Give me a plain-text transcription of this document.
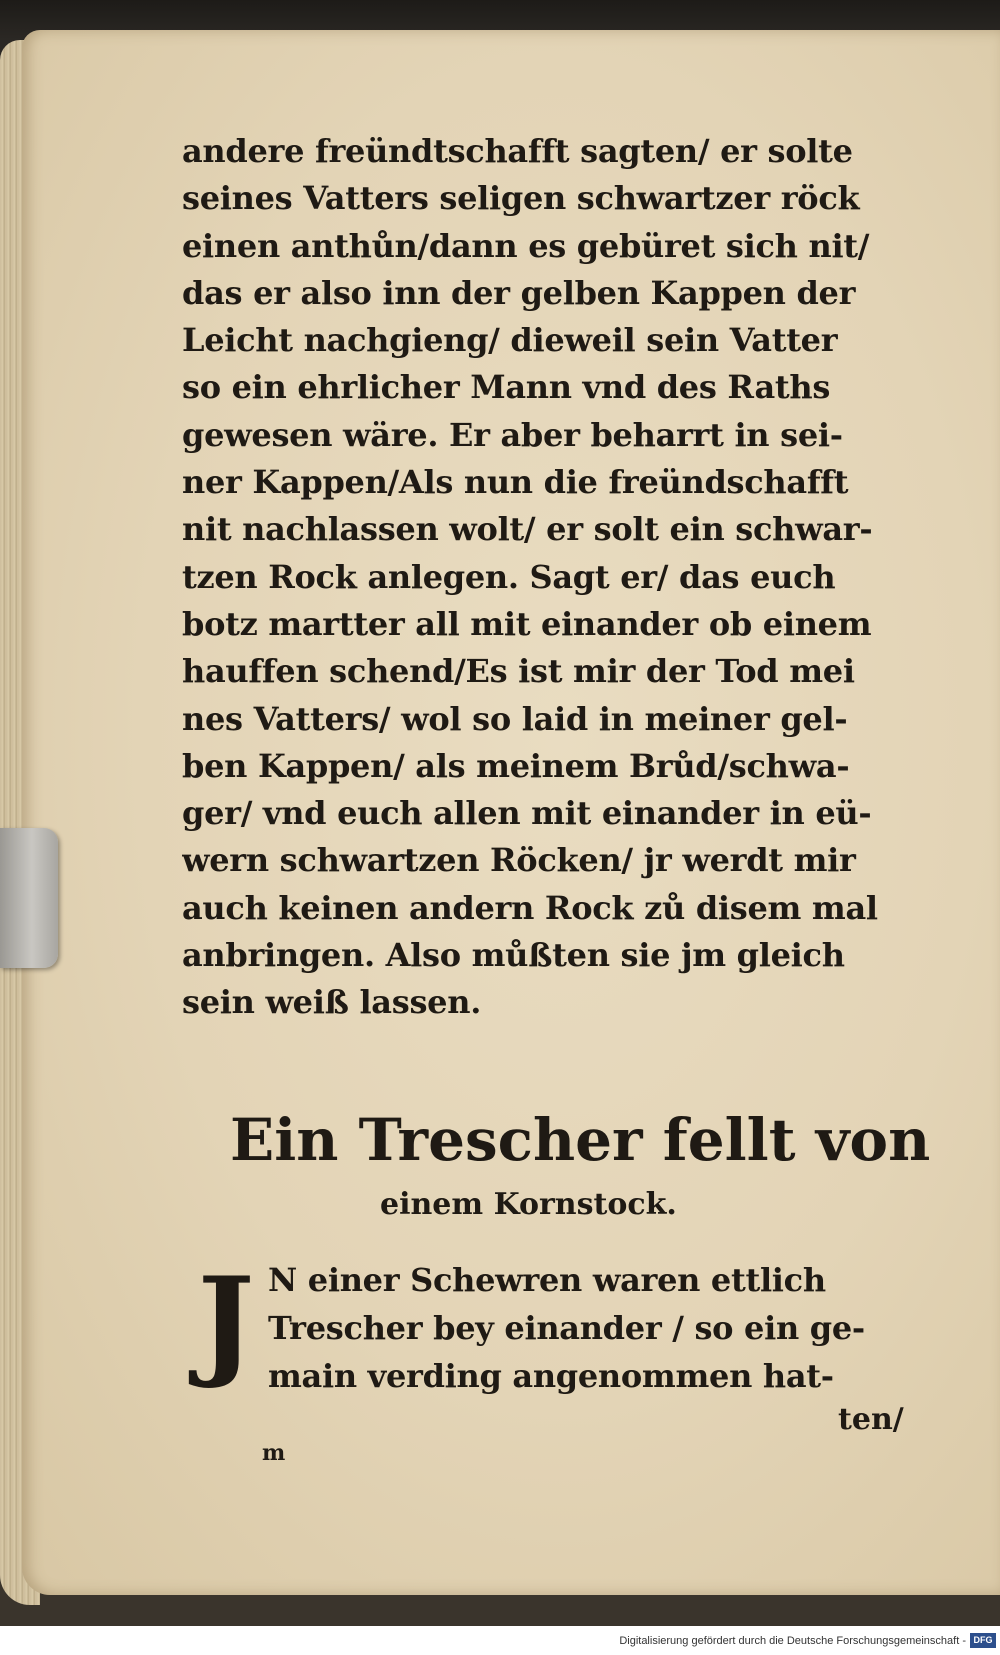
andere freündtschafft sagten/ er solte
seines Vatters seligen schwartzer röck
einen anthůn/dann es gebüret sich nit/
das er also inn der gelben Kappen der
Leicht nachgieng/ dieweil sein Vatter
so ein ehrlicher Mann vnd des Raths
gewesen wäre. Er aber beharrt in sei-
ner Kappen/Als nun die freündschafft
nit nachlassen wolt/ er solt ein schwar-
tzen Rock anlegen. Sagt er/ das euch
botz martter all mit einander ob einem
hauffen schend/Es ist mir der Tod mei
nes Vatters/ wol so laid in meiner gel-
ben Kappen/ als meinem Brůd/schwa-
ger/ vnd euch allen mit einander in eü-
wern schwartzen Röcken/ jr werdt mir
auch keinen andern Rock zů disem mal
anbringen. Also můßten sie jm gleich
sein weiß lassen.
Ein Trescher fellt von
einem Kornstock.
J N einer Schewren waren ettlich
Trescher bey einander / so ein ge-
main verding angenommen hat-
ten/
m
Digitalisierung gefördert durch die Deutsche Forschungsgemeinschaft - DFG
